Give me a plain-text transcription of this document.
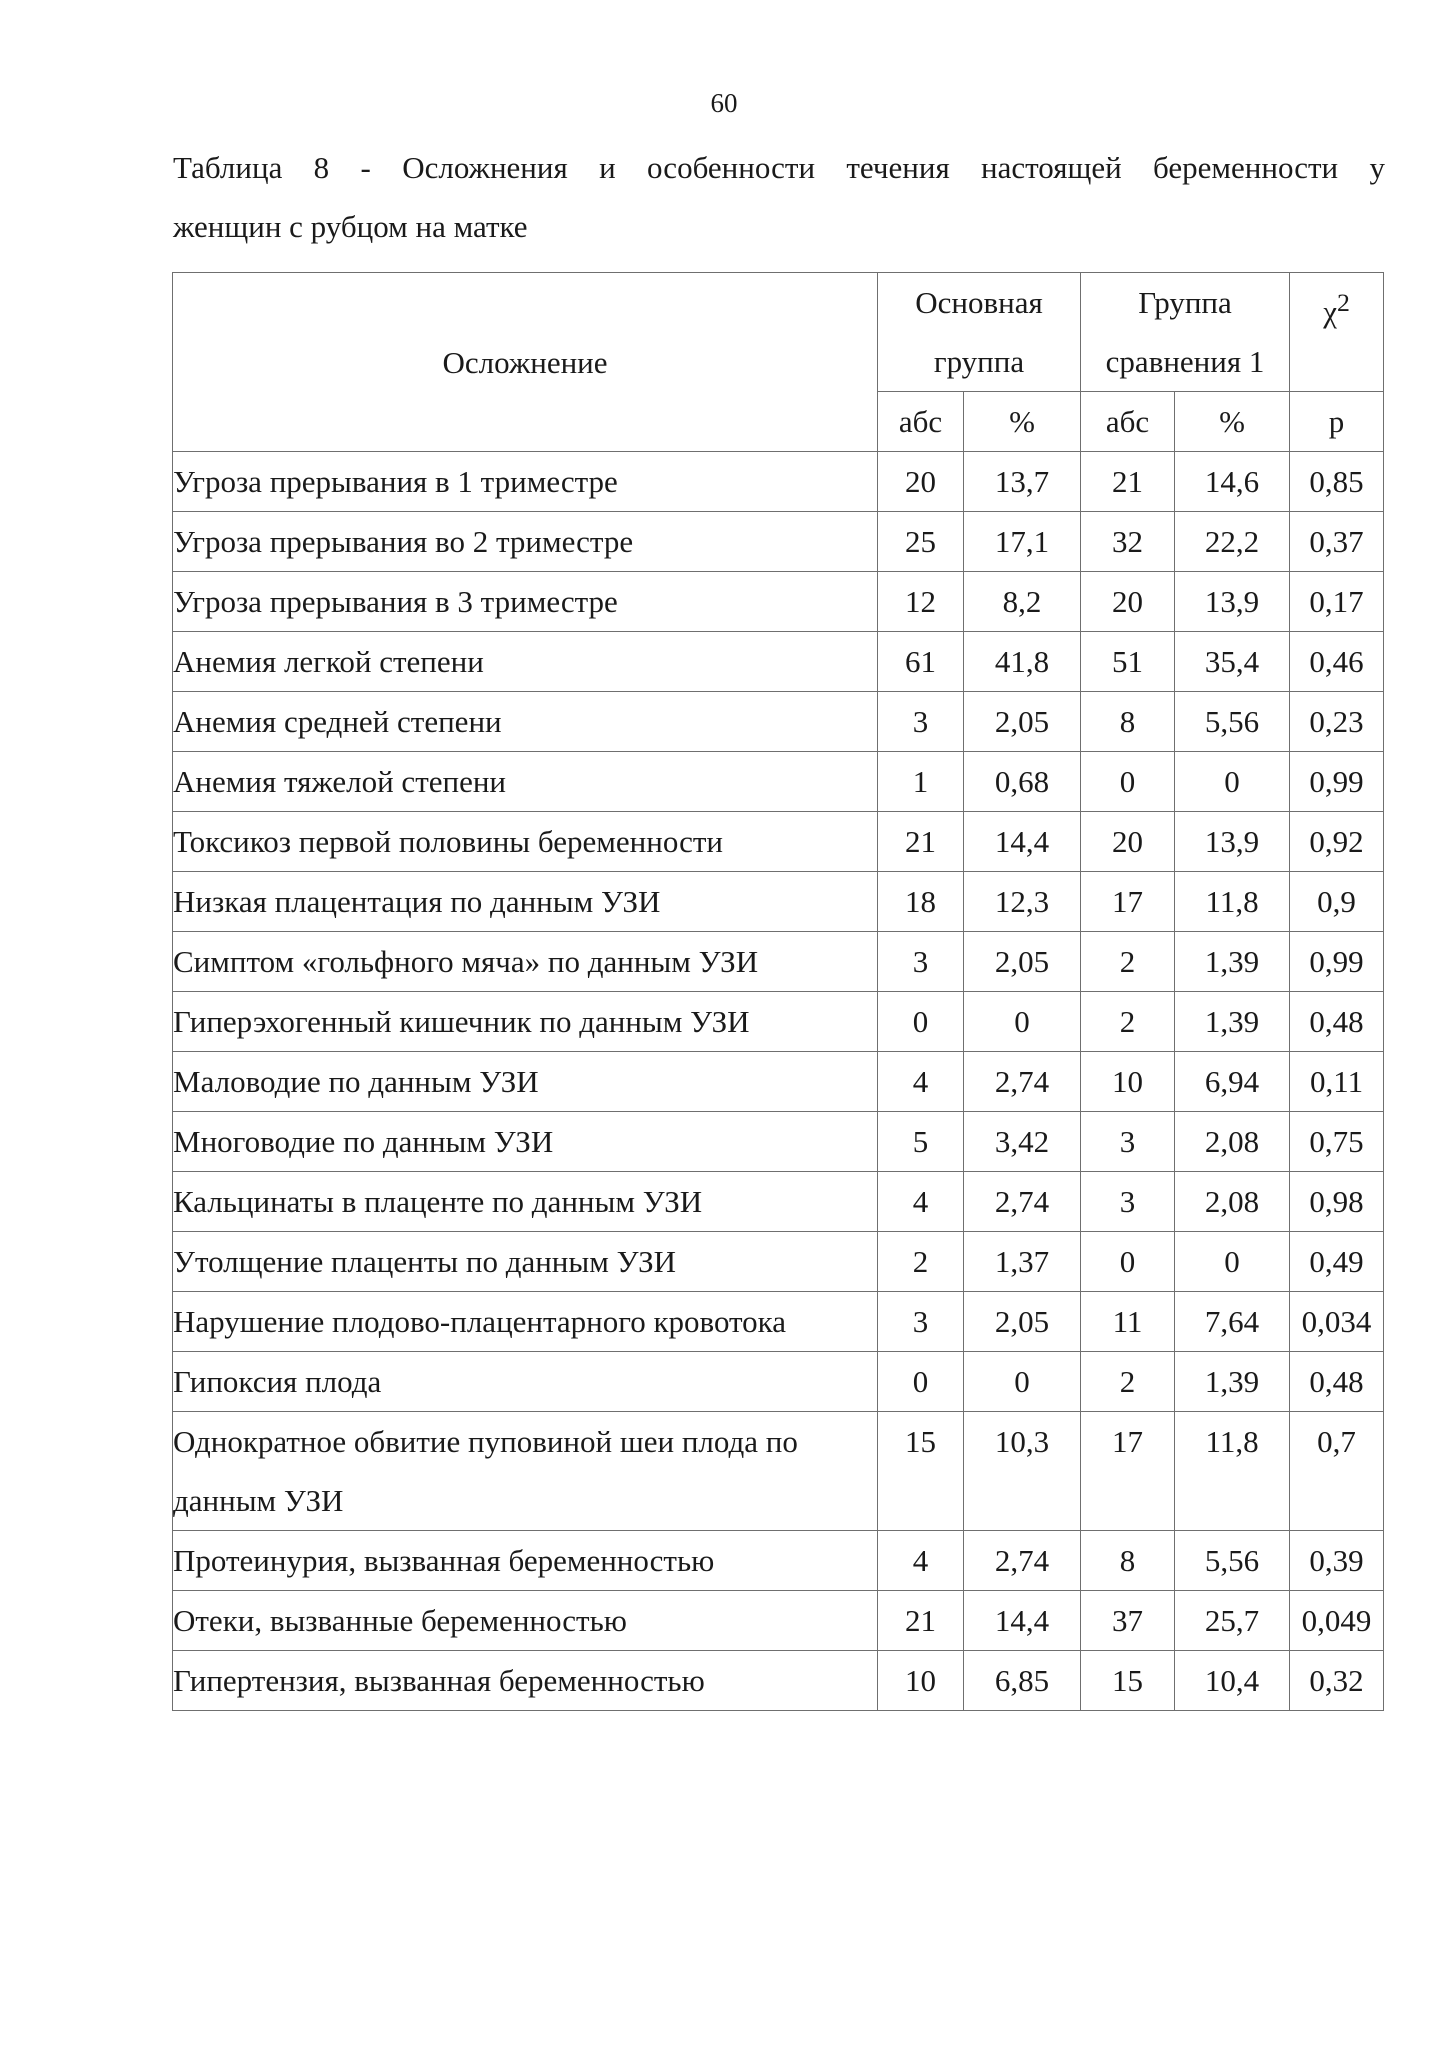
60
Таблица 8 - Осложнения и особенности течения настоящей беременности у
женщин с рубцом на матке
Осложнение	Основная группа		Группа сравнения 1		$\chi^2$
	абс	%	абс	%	р
Угроза прерывания в 1 триместре	20	13,7	21	14,6	0,85
Угроза прерывания во 2 триместре	25	17,1	32	22,2	0,37
Угроза прерывания в 3 триместре	12	8,2	20	13,9	0,17
Анемия легкой степени	61	41,8	51	35,4	0,46
Анемия средней степени	3	2,05	8	5,56	0,23
Анемия тяжелой степени	1	0,68	0	0	0,99
Токсикоз первой половины беременности	21	14,4	20	13,9	0,92
Низкая плацентация по данным УЗИ	18	12,3	17	11,8	0,9
Симптом «гольфного мяча» по данным УЗИ	3	2,05	2	1,39	0,99
Гиперэхогенный кишечник по данным УЗИ	0	0	2	1,39	0,48
Маловодие по данным УЗИ	4	2,74	10	6,94	0,11
Многоводие по данным УЗИ	5	3,42	3	2,08	0,75
Кальцинаты в плаценте по данным УЗИ	4	2,74	3	2,08	0,98
Утолщение плаценты по данным УЗИ	2	1,37	0	0	0,49
Нарушение плодово-плацентарного кровотока	3	2,05	11	7,64	0,034
Гипоксия плода	0	0	2	1,39	0,48
Однократное обвитие пуповиной шеи плода по данным УЗИ	15	10,3	17	11,8	0,7
Протеинурия, вызванная беременностью	4	2,74	8	5,56	0,39
Отеки, вызванные беременностью	21	14,4	37	25,7	0,049
Гипертензия, вызванная беременностью	10	6,85	15	10,4	0,32
